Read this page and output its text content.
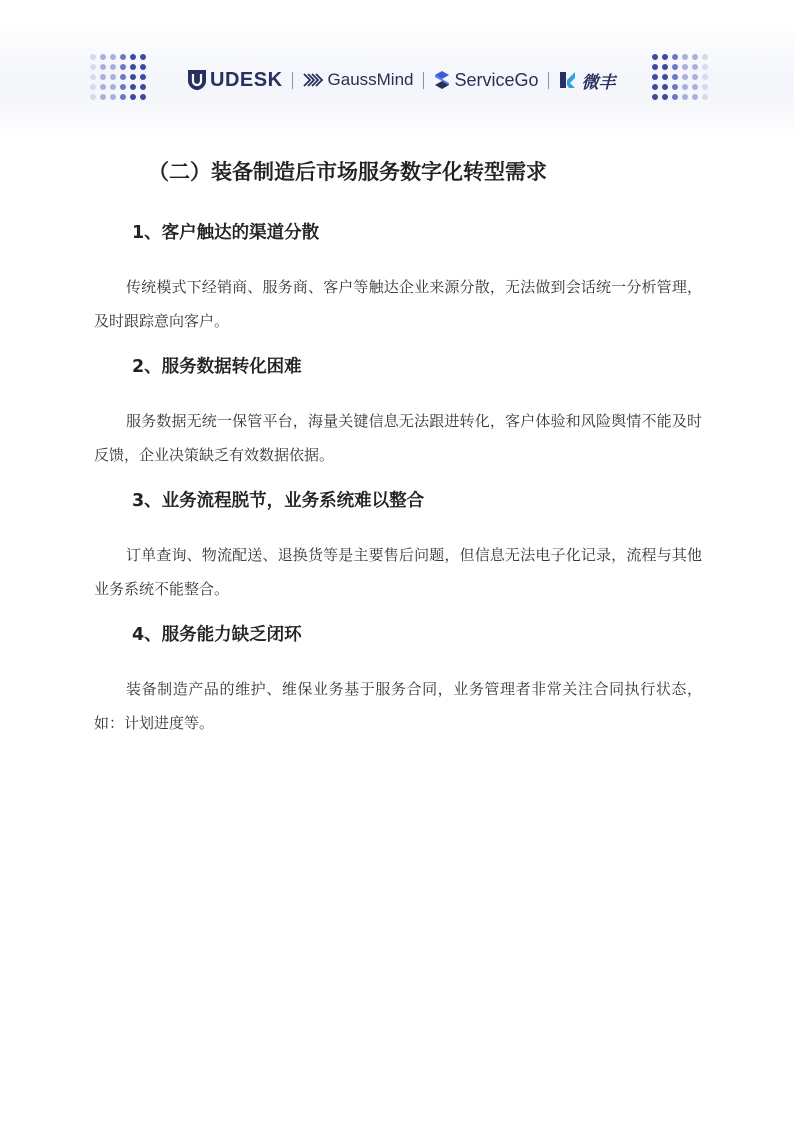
UDESK	GaussMind ServiceGo	微丰
（二）装备制造后市场服务数字化转型需求
1、客户触达的渠道分散

传统模式下经销商、服务商、客户等触达企业来源分散，无法做到会话统一分析管理，及时跟踪意向客户。

2、服务数据转化困难

服务数据无统一保管平台，海量关键信息无法跟进转化，客户体验和风险舆情不能及时反馈，企业决策缺乏有效数据依据。

3、业务流程脱节，业务系统难以整合

订单查询、物流配送、退换货等是主要售后问题，但信息无法电子化记录，流程与其他业务系统不能整合。

4、服务能力缺乏闭环

装备制造产品的维护、维保业务基于服务合同，业务管理者非常关注合同执行状态，如：计划进度等。
